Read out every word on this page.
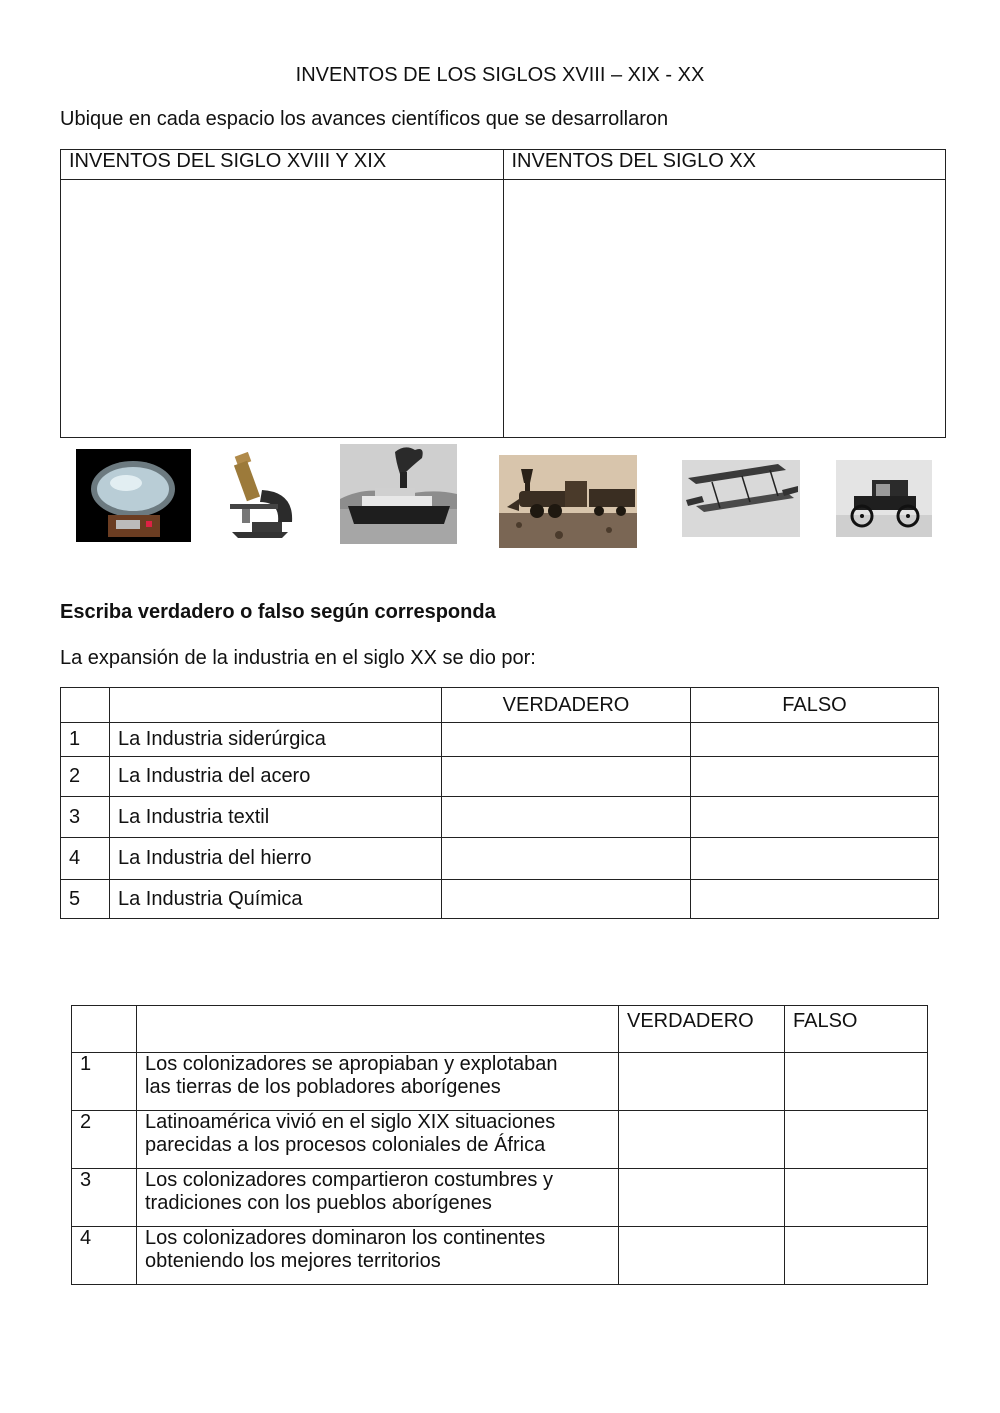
INVENTOS DE LOS SIGLOS XVIII – XIX - XX
Ubique en cada espacio los avances científicos que se desarrollaron
INVENTOS DEL SIGLO XVIII Y XIX	INVENTOS DEL SIGLO XX

Escriba verdadero o falso según corresponda
La expansión de la industria en el siglo XX se dio por:
		VERDADERO	FALSO
1	La Industria siderúrgica		
2	La Industria del acero		
3	La Industria textil		
4	La Industria del hierro		
5	La Industria Química		
		VERDADERO	FALSO
1	Los colonizadores se apropiaban y explotaban
las tierras de los pobladores aborígenes		

2	Latinoamérica vivió en el siglo XIX situaciones
parecidas a los procesos coloniales de África		

3	Los colonizadores compartieron costumbres y
tradiciones con los pueblos aborígenes		

4	Los colonizadores dominaron los continentes
obteniendo los mejores territorios		
